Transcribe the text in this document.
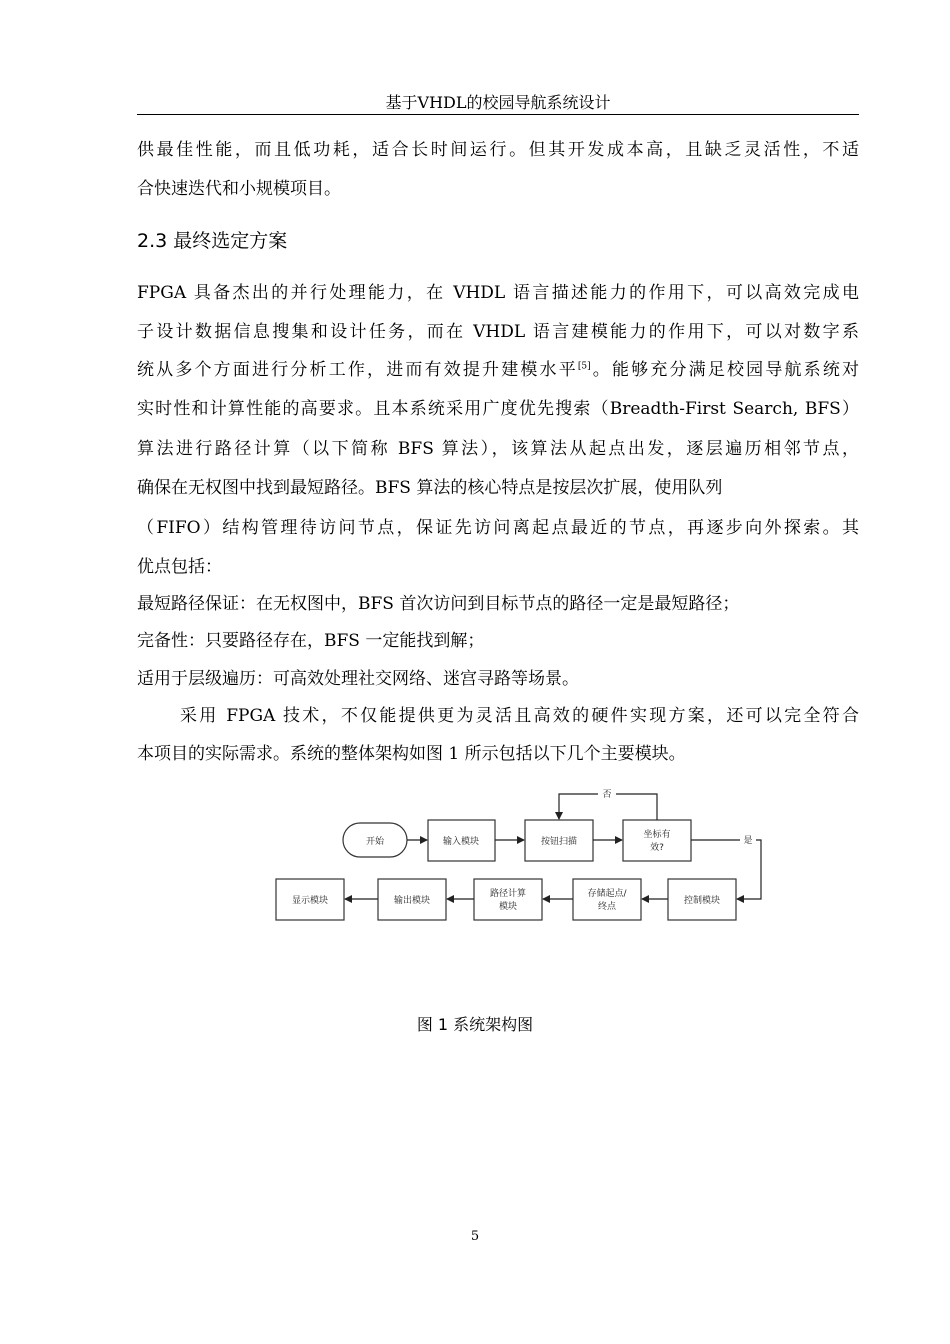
基于VHDL的校园导航系统设计
供最佳性能，而且低功耗，适合长时间运行。但其开发成本高，且缺乏灵活性，不适
合快速迭代和小规模项目。
2.3 最终选定方案
FPGA 具备杰出的并行处理能力，在 VHDL 语言描述能力的作用下，可以高效完成电
子设计数据信息搜集和设计任务，而在 VHDL 语言建模能力的作用下，可以对数字系
统从多个方面进行分析工作，进而有效提升建模水平[5]。能够充分满足校园导航系统对
实时性和计算性能的高要求。且本系统采用广度优先搜索（Breadth-First Search, BFS）
算法进行路径计算（以下简称 BFS 算法），该算法从起点出发，逐层遍历相邻节点，
确保在无权图中找到最短路径。BFS 算法的核心特点是按层次扩展，使用队列
（FIFO）结构管理待访问节点，保证先访问离起点最近的节点，再逐步向外探索。其
优点包括：
最短路径保证：在无权图中，BFS 首次访问到目标节点的路径一定是最短路径；
完备性：只要路径存在，BFS 一定能找到解；
适用于层级遍历：可高效处理社交网络、迷宫寻路等场景。
采用 FPGA 技术，不仅能提供更为灵活且高效的硬件实现方案，还可以完全符合
本项目的实际需求。系统的整体架构如图 1 所示包括以下几个主要模块。
开始	输入模块	按钮扫描
坐标有
效?
否
是
控制模块
存储起点/
终点
路径计算
模块
输出模块
显示模块
图 1 系统架构图
5
